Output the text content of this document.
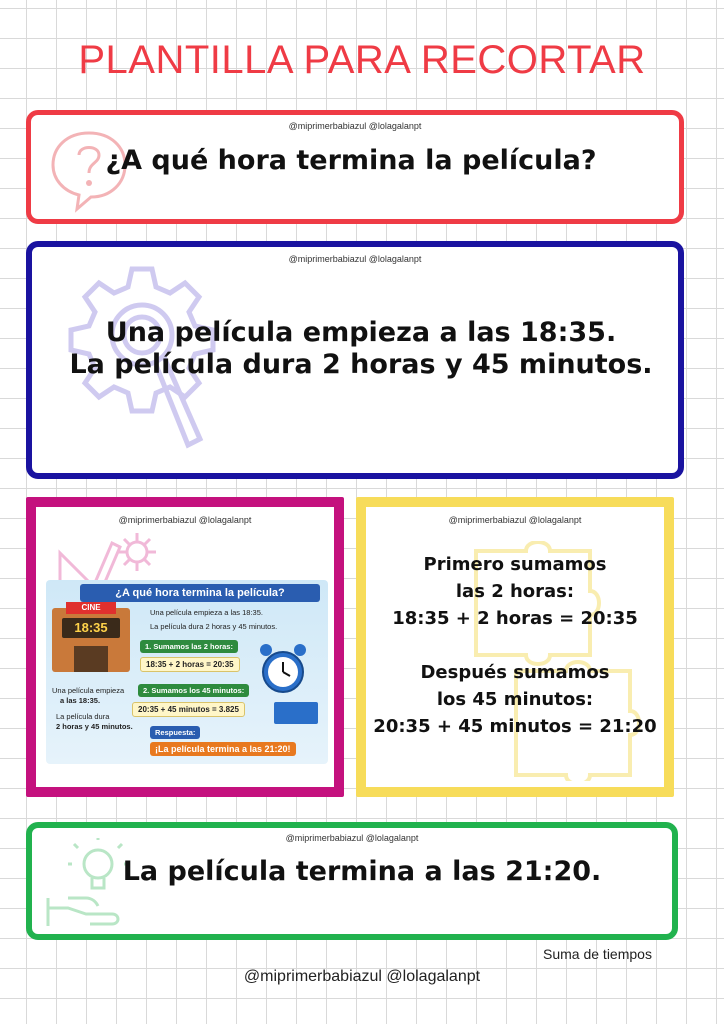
PLANTILLA PARA RECORTAR
@miprimerbabiazul @lolagalanpt
¿A qué hora termina la película?
@miprimerbabiazul @lolagalanpt
Una película empieza a las 18:35.
La película dura 2 horas y 45 minutos.
@miprimerbabiazul @lolagalanpt
¿A qué hora termina la película?
CINE
18:35
Una película empieza a las 18:35.
La película dura 2 horas y 45 minutos.
1. Sumamos las 2 horas:
18:35 + 2 horas = 20:35
Una película empieza
a las 18:35.
La película dura
2 horas y 45 minutos.
2. Sumamos los 45 minutos:
20:35 + 45 minutos = 3.825
Respuesta:
¡La película termina a las 21:20!
@miprimerbabiazul @lolagalanpt
Primero sumamos
las 2 horas:
18:35 + 2 horas = 20:35

Después sumamos
los 45 minutos:
20:35 + 45 minutos = 21:20
@miprimerbabiazul @lolagalanpt
La película termina a las 21:20.
Suma de tiempos
@miprimerbabiazul @lolagalanpt
